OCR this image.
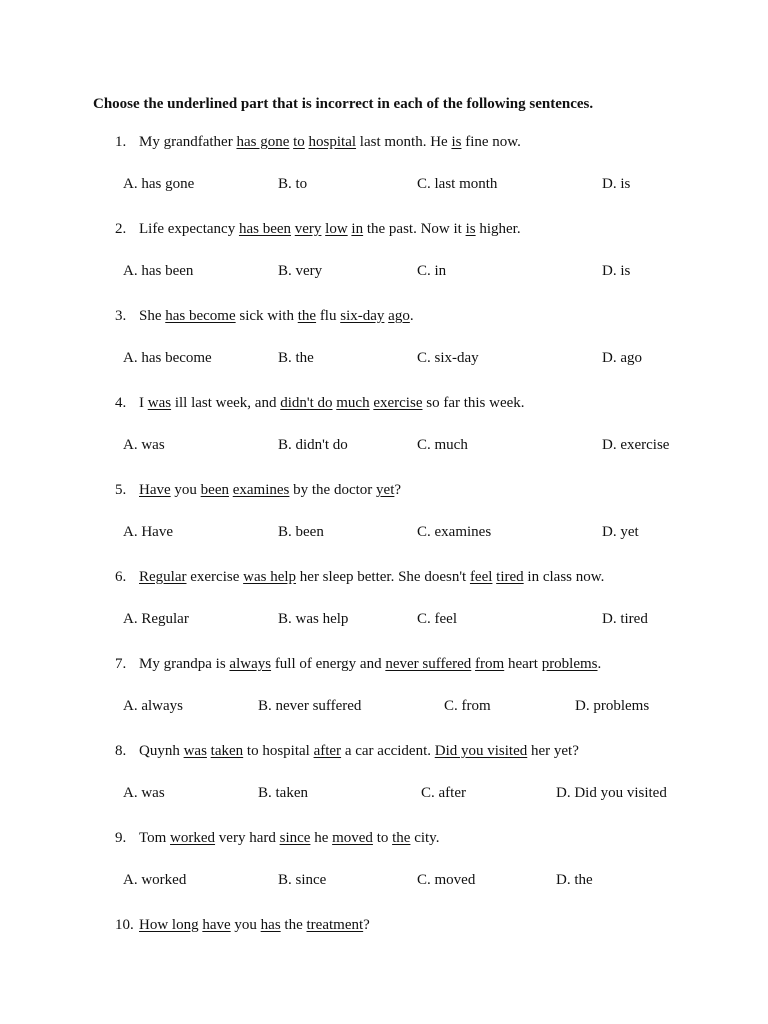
Choose the underlined part that is incorrect in each of the following sentences.
1. My grandfather has gone to hospital last month. He is fine now.
A. has gone	B. to	C. last month	D. is
2. Life expectancy has been very low in the past. Now it is higher.
A. has been	B. very	C. in	D. is
3. She has become sick with the flu six-day ago.
A. has become	B. the	C. six-day	D. ago
4. I was ill last week, and didn't do much exercise so far this week.
A. was	B. didn't do	C. much	D. exercise
5. Have you been examines by the doctor yet?
A. Have	B. been	C. examines	D. yet
6. Regular exercise was help her sleep better. She doesn't feel tired in class now.
A. Regular	B. was help	C. feel	D. tired
7. My grandpa is always full of energy and never suffered from heart problems.
A. always	B. never suffered	C. from	D. problems
8. Quynh was taken to hospital after a car accident. Did you visited her yet?
A. was	B. taken	C. after	D. Did you visited
9. Tom worked very hard since he moved to the city.
A. worked	B. since	C. moved	D. the
10. How long have you has the treatment?
